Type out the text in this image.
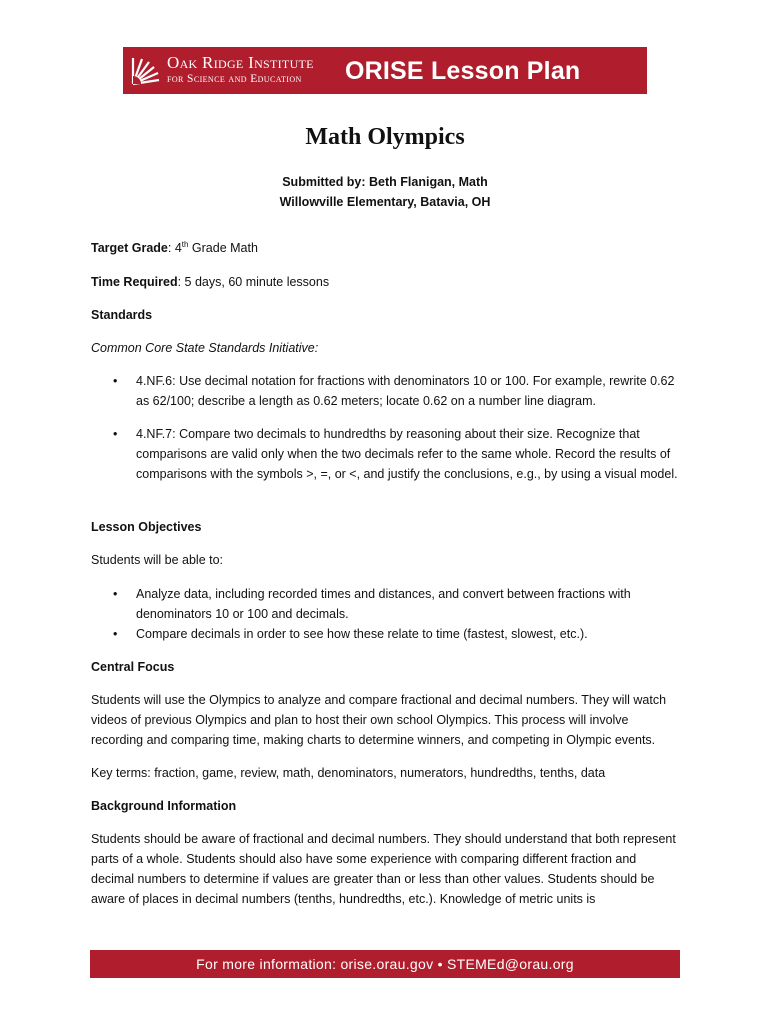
Oak Ridge Institute
for Science and Education	ORISE Lesson Plan
Math Olympics
Submitted by: Beth Flanigan, Math
Willowville Elementary, Batavia, OH
Target Grade: 4th Grade Math
Time Required: 5 days, 60 minute lessons
Standards
Common Core State Standards Initiative:
• 4.NF.6: Use decimal notation for fractions with denominators 10 or 100. For example, rewrite 0.62 as 62/100; describe a length as 0.62 meters; locate 0.62 on a number line diagram.
• 4.NF.7: Compare two decimals to hundredths by reasoning about their size. Recognize that comparisons are valid only when the two decimals refer to the same whole. Record the results of comparisons with the symbols >, =, or <, and justify the conclusions, e.g., by using a visual model.
Lesson Objectives
Students will be able to:
• Analyze data, including recorded times and distances, and convert between fractions with denominators 10 or 100 and decimals.
• Compare decimals in order to see how these relate to time (fastest, slowest, etc.).
Central Focus
Students will use the Olympics to analyze and compare fractional and decimal numbers. They will watch videos of previous Olympics and plan to host their own school Olympics. This process will involve recording and comparing time, making charts to determine winners, and competing in Olympic events.
Key terms: fraction, game, review, math, denominators, numerators, hundredths, tenths, data
Background Information
Students should be aware of fractional and decimal numbers. They should understand that both represent parts of a whole. Students should also have some experience with comparing different fraction and decimal numbers to determine if values are greater than or less than other values. Students should be aware of places in decimal numbers (tenths, hundredths, etc.). Knowledge of metric units is
For more information: orise.orau.gov • STEMEd@orau.org
